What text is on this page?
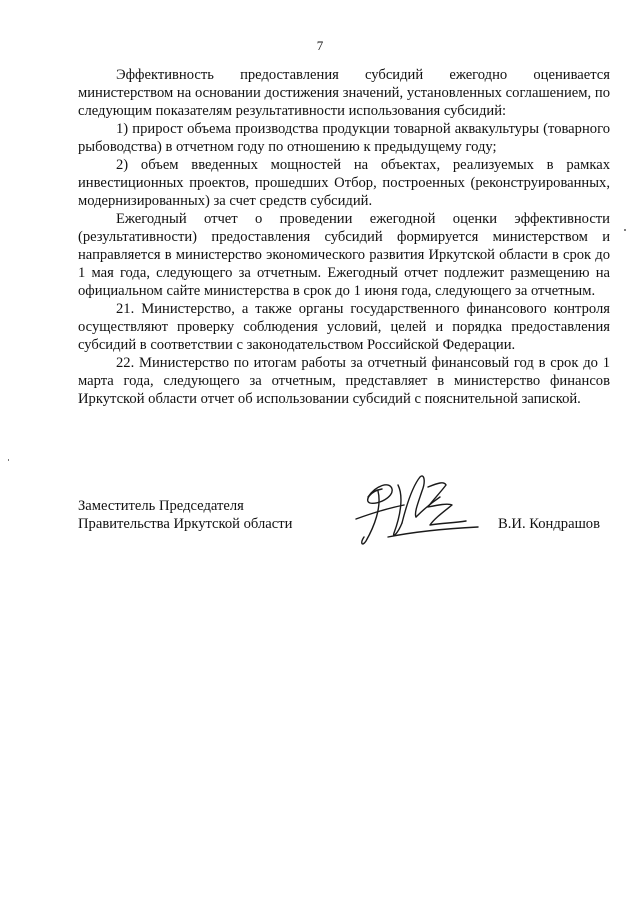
7

Эффективность предоставления субсидий ежегодно оценивается министерством на основании достижения значений, установленных соглашением, по следующим показателям результативности использования субсидий:

1) прирост объема производства продукции товарной аквакультуры (товарного рыбоводства) в отчетном году по отношению к предыдущему году;

2) объем введенных мощностей на объектах, реализуемых в рамках инвестиционных проектов, прошедших Отбор, построенных (реконструированных, модернизированных) за счет средств субсидий.

Ежегодный отчет о проведении ежегодной оценки эффективности (результативности) предоставления субсидий формируется министерством и направляется в министерство экономического развития Иркутской области в срок до 1 мая года, следующего за отчетным. Ежегодный отчет подлежит размещению на официальном сайте министерства в срок до 1 июня года, следующего за отчетным.

21. Министерство, а также органы государственного финансового контроля осуществляют проверку соблюдения условий, целей и порядка предоставления субсидий в соответствии с законодательством Российской Федерации.

22. Министерство по итогам работы за отчетный финансовый год в срок до 1 марта года, следующего за отчетным, представляет в министерство финансов Иркутской области отчет об использовании субсидий с пояснительной запиской.

Заместитель Председателя
Правительства Иркутской области	В.И. Кондрашов
